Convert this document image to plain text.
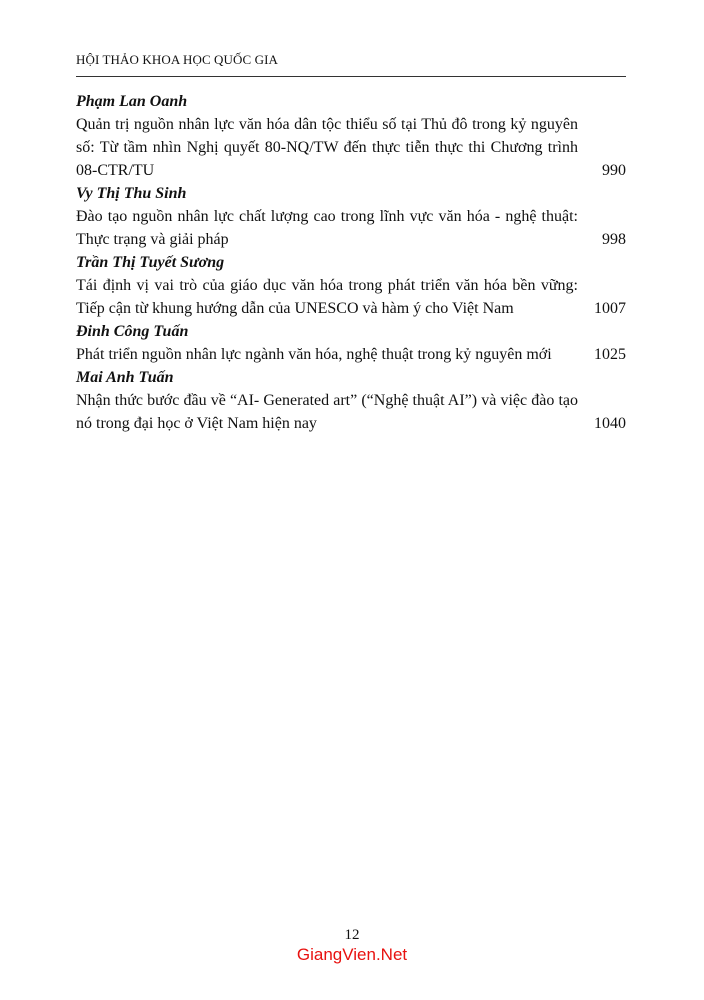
HỘI THẢO KHOA HỌC QUỐC GIA
Phạm Lan Oanh
Quản trị nguồn nhân lực văn hóa dân tộc thiểu số tại Thủ đô trong kỷ nguyên số: Từ tầm nhìn Nghị quyết 80-NQ/TW đến thực tiễn thực thi Chương trình 08-CTR/TU	990
Vy Thị Thu Sinh
Đào tạo nguồn nhân lực chất lượng cao trong lĩnh vực văn hóa - nghệ thuật: Thực trạng và giải pháp	998
Trần Thị Tuyết Sương
Tái định vị vai trò của giáo dục văn hóa trong phát triển văn hóa bền vững: Tiếp cận từ khung hướng dẫn của UNESCO và hàm ý cho Việt Nam	1007
Đinh Công Tuấn
Phát triển nguồn nhân lực ngành văn hóa, nghệ thuật trong kỷ nguyên mới	1025
Mai Anh Tuấn
Nhận thức bước đầu về “AI- Generated art” (“Nghệ thuật AI”) và việc đào tạo nó trong đại học ở Việt Nam hiện nay	1040
12
GiangVien.Net
